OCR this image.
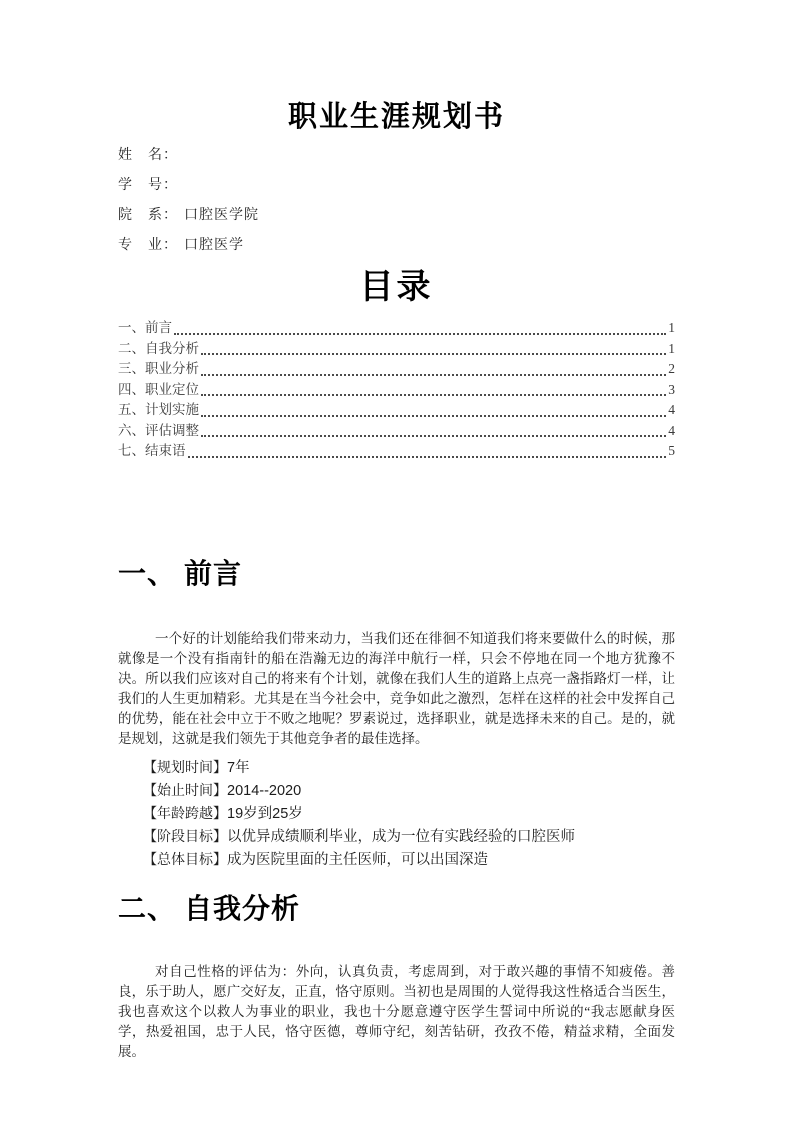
职业生涯规划书
姓　名：
学　号：
院　系： 口腔医学院
专　业： 口腔医学
目录
一、前言	1
二、自我分析	1
三、职业分析	2
四、职业定位	3
五、计划实施	4
六、评估调整	4
七、结束语	5
一、 前言

一个好的计划能给我们带来动力，当我们还在徘徊不知道我们将来要做什么的时候，那就像是一个没有指南针的船在浩瀚无边的海洋中航行一样，只会不停地在同一个地方犹豫不决。所以我们应该对自己的将来有个计划，就像在我们人生的道路上点亮一盏指路灯一样，让我们的人生更加精彩。尤其是在当今社会中，竞争如此之激烈，怎样在这样的社会中发挥自己的优势，能在社会中立于不败之地呢？罗素说过，选择职业，就是选择未来的自己。是的，就是规划，这就是我们领先于其他竞争者的最佳选择。

【规划时间】7年
【始止时间】2014--2020
【年龄跨越】19岁到25岁
【阶段目标】以优异成绩顺利毕业，成为一位有实践经验的口腔医师
【总体目标】成为医院里面的主任医师，可以出国深造
二、 自我分析

对自己性格的评估为：外向，认真负责，考虑周到，对于敢兴趣的事情不知疲倦。善良，乐于助人，愿广交好友，正直，恪守原则。当初也是周围的人觉得我这性格适合当医生，我也喜欢这个以救人为事业的职业，我也十分愿意遵守医学生誓词中所说的“我志愿献身医学，热爱祖国，忠于人民，恪守医德，尊师守纪，刻苦钻研，孜孜不倦，精益求精，全面发展。
